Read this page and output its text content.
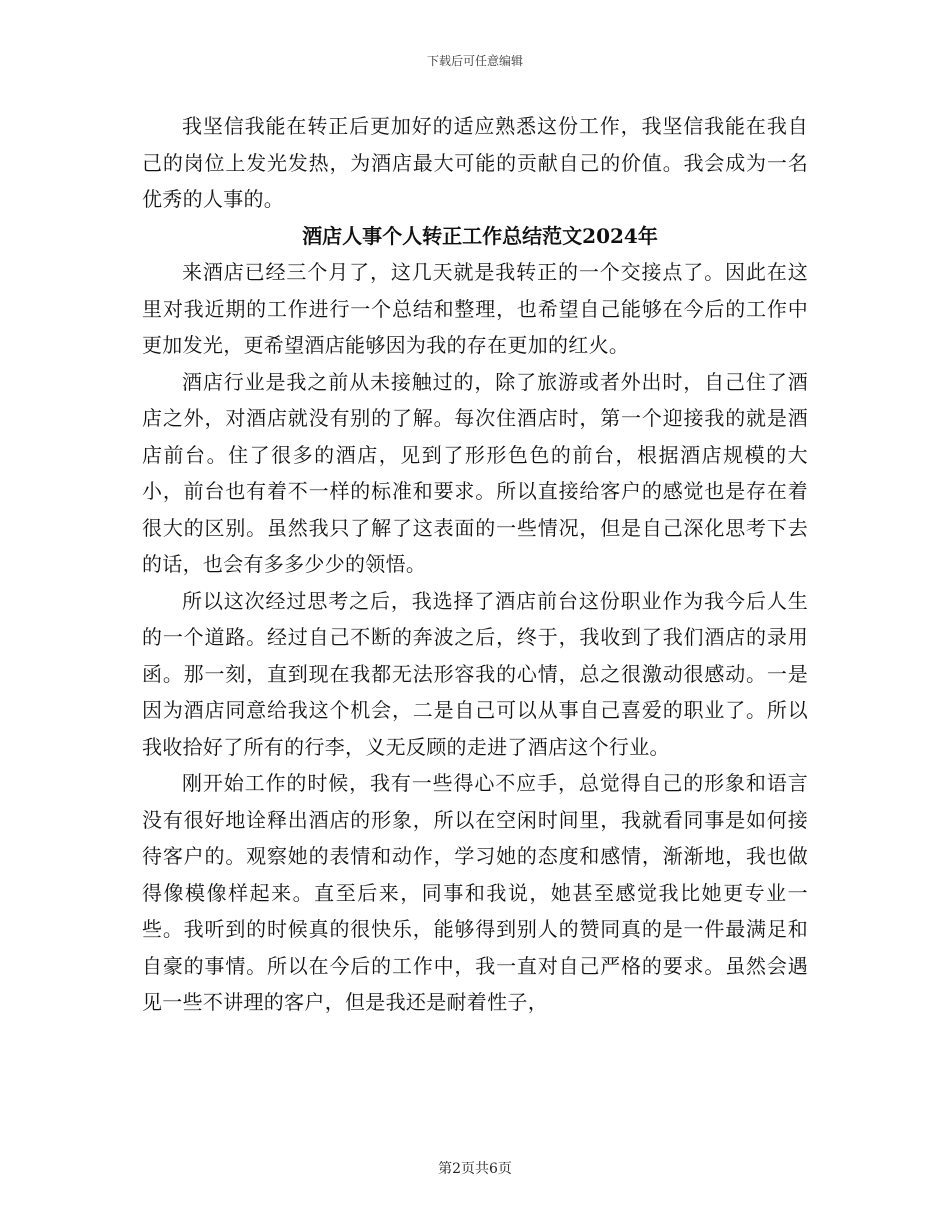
下载后可任意编辑

我坚信我能在转正后更加好的适应熟悉这份工作，我坚信我能在我自己的岗位上发光发热，为酒店最大可能的贡献自己的价值。我会成为一名优秀的人事的。

酒店人事个人转正工作总结范文2024年

来酒店已经三个月了，这几天就是我转正的一个交接点了。因此在这里对我近期的工作进行一个总结和整理，也希望自己能够在今后的工作中更加发光，更希望酒店能够因为我的存在更加的红火。

酒店行业是我之前从未接触过的，除了旅游或者外出时，自己住了酒店之外，对酒店就没有别的了解。每次住酒店时，第一个迎接我的就是酒店前台。住了很多的酒店，见到了形形色色的前台，根据酒店规模的大小，前台也有着不一样的标准和要求。所以直接给客户的感觉也是存在着很大的区别。虽然我只了解了这表面的一些情况，但是自己深化思考下去的话，也会有多多少少的领悟。

所以这次经过思考之后，我选择了酒店前台这份职业作为我今后人生的一个道路。经过自己不断的奔波之后，终于，我收到了我们酒店的录用函。那一刻，直到现在我都无法形容我的心情，总之很激动很感动。一是因为酒店同意给我这个机会，二是自己可以从事自己喜爱的职业了。所以我收拾好了所有的行李，义无反顾的走进了酒店这个行业。

刚开始工作的时候，我有一些得心不应手，总觉得自己的形象和语言没有很好地诠释出酒店的形象，所以在空闲时间里，我就看同事是如何接待客户的。观察她的表情和动作，学习她的态度和感情，渐渐地，我也做得像模像样起来。直至后来，同事和我说，她甚至感觉我比她更专业一些。我听到的时候真的很快乐，能够得到别人的赞同真的是一件最满足和自豪的事情。所以在今后的工作中，我一直对自己严格的要求。虽然会遇见一些不讲理的客户，但是我还是耐着性子，

第2页共6页
